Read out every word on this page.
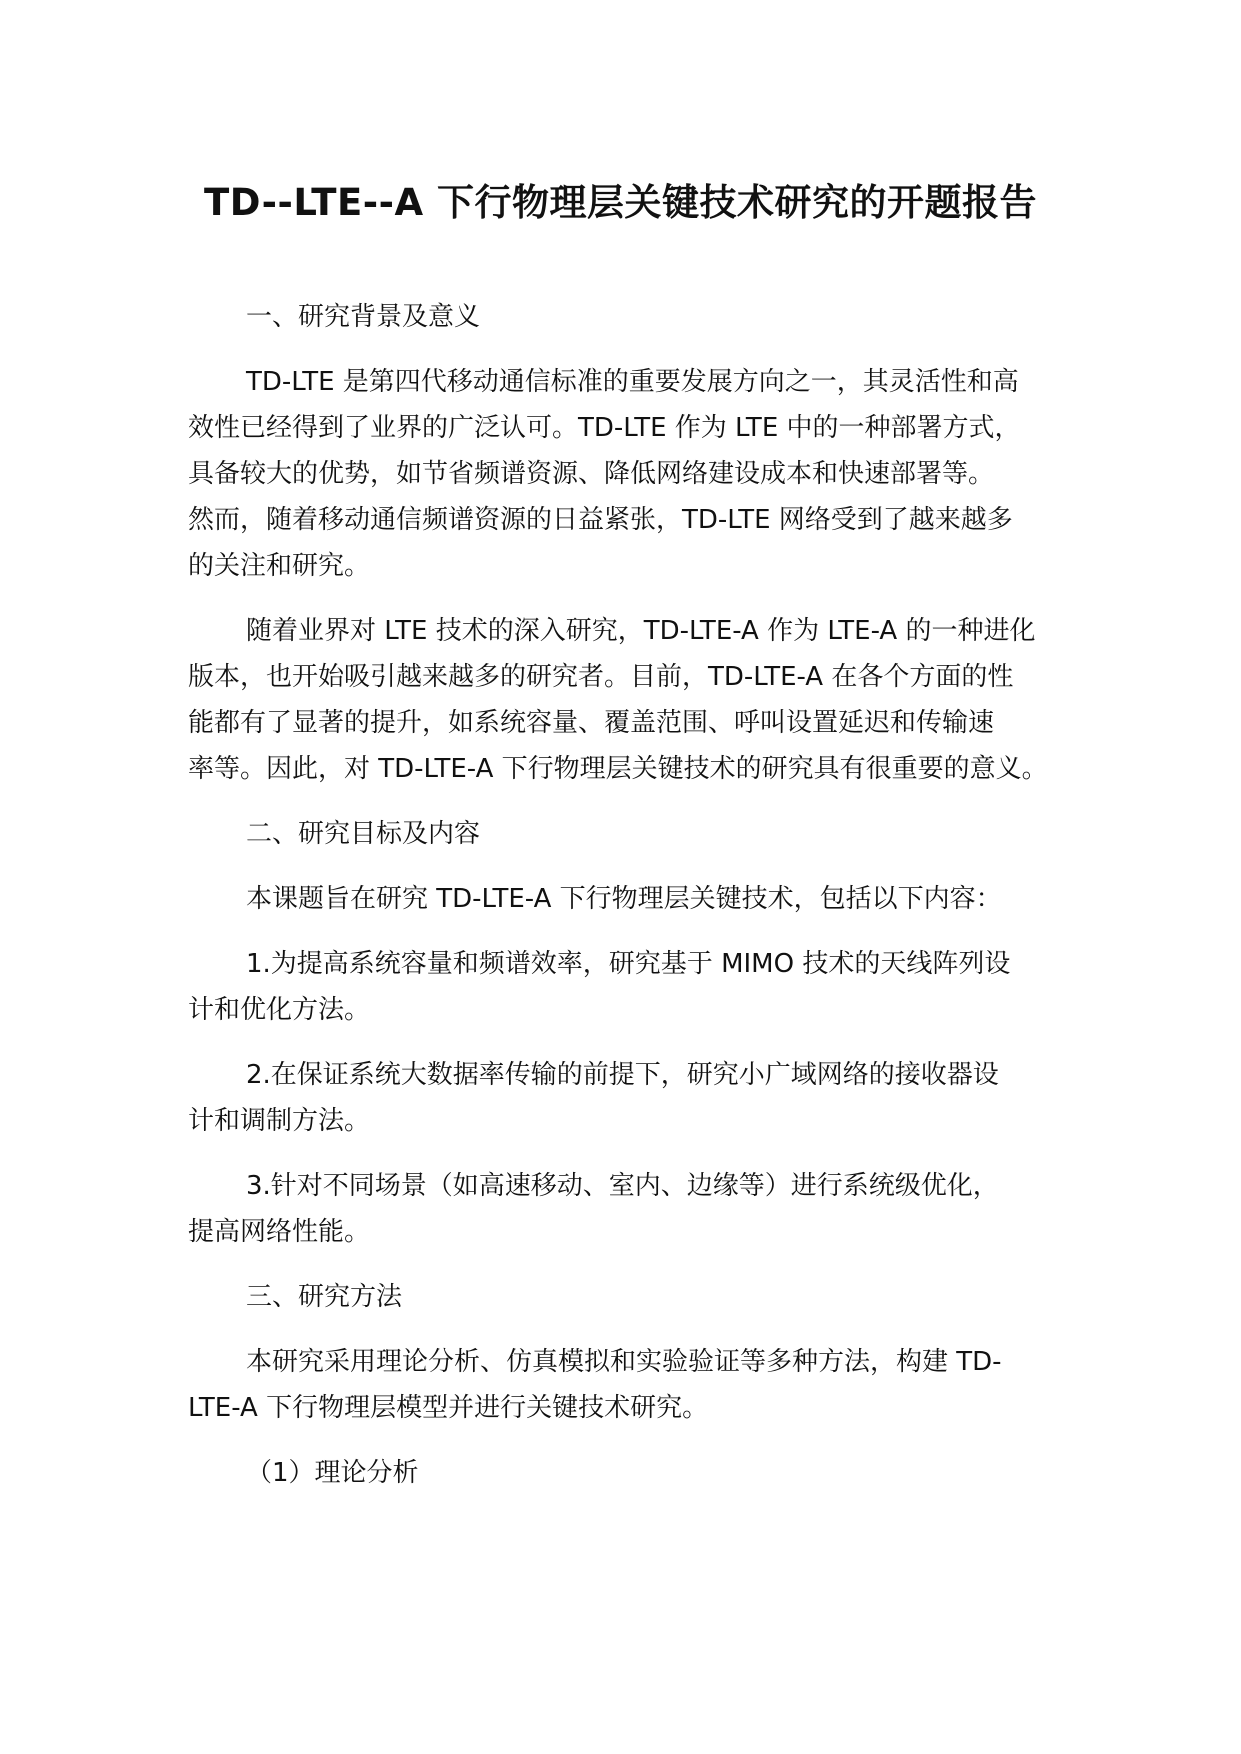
TD--LTE--A 下行物理层关键技术研究的开题报告
一、研究背景及意义
TD-LTE 是第四代移动通信标准的重要发展方向之一，其灵活性和高
效性已经得到了业界的广泛认可。TD-LTE 作为 LTE 中的一种部署方式，
具备较大的优势，如节省频谱资源、降低网络建设成本和快速部署等。
然而，随着移动通信频谱资源的日益紧张，TD-LTE 网络受到了越来越多
的关注和研究。
随着业界对 LTE 技术的深入研究，TD-LTE-A 作为 LTE-A 的一种进化
版本，也开始吸引越来越多的研究者。目前，TD-LTE-A 在各个方面的性
能都有了显著的提升，如系统容量、覆盖范围、呼叫设置延迟和传输速
率等。因此，对 TD-LTE-A 下行物理层关键技术的研究具有很重要的意义。
二、研究目标及内容
本课题旨在研究 TD-LTE-A 下行物理层关键技术，包括以下内容：
1.为提高系统容量和频谱效率，研究基于 MIMO 技术的天线阵列设
计和优化方法。
2.在保证系统大数据率传输的前提下，研究小广域网络的接收器设
计和调制方法。
3.针对不同场景（如高速移动、室内、边缘等）进行系统级优化，
提高网络性能。
三、研究方法
本研究采用理论分析、仿真模拟和实验验证等多种方法，构建 TD-
LTE-A 下行物理层模型并进行关键技术研究。
（1）理论分析
